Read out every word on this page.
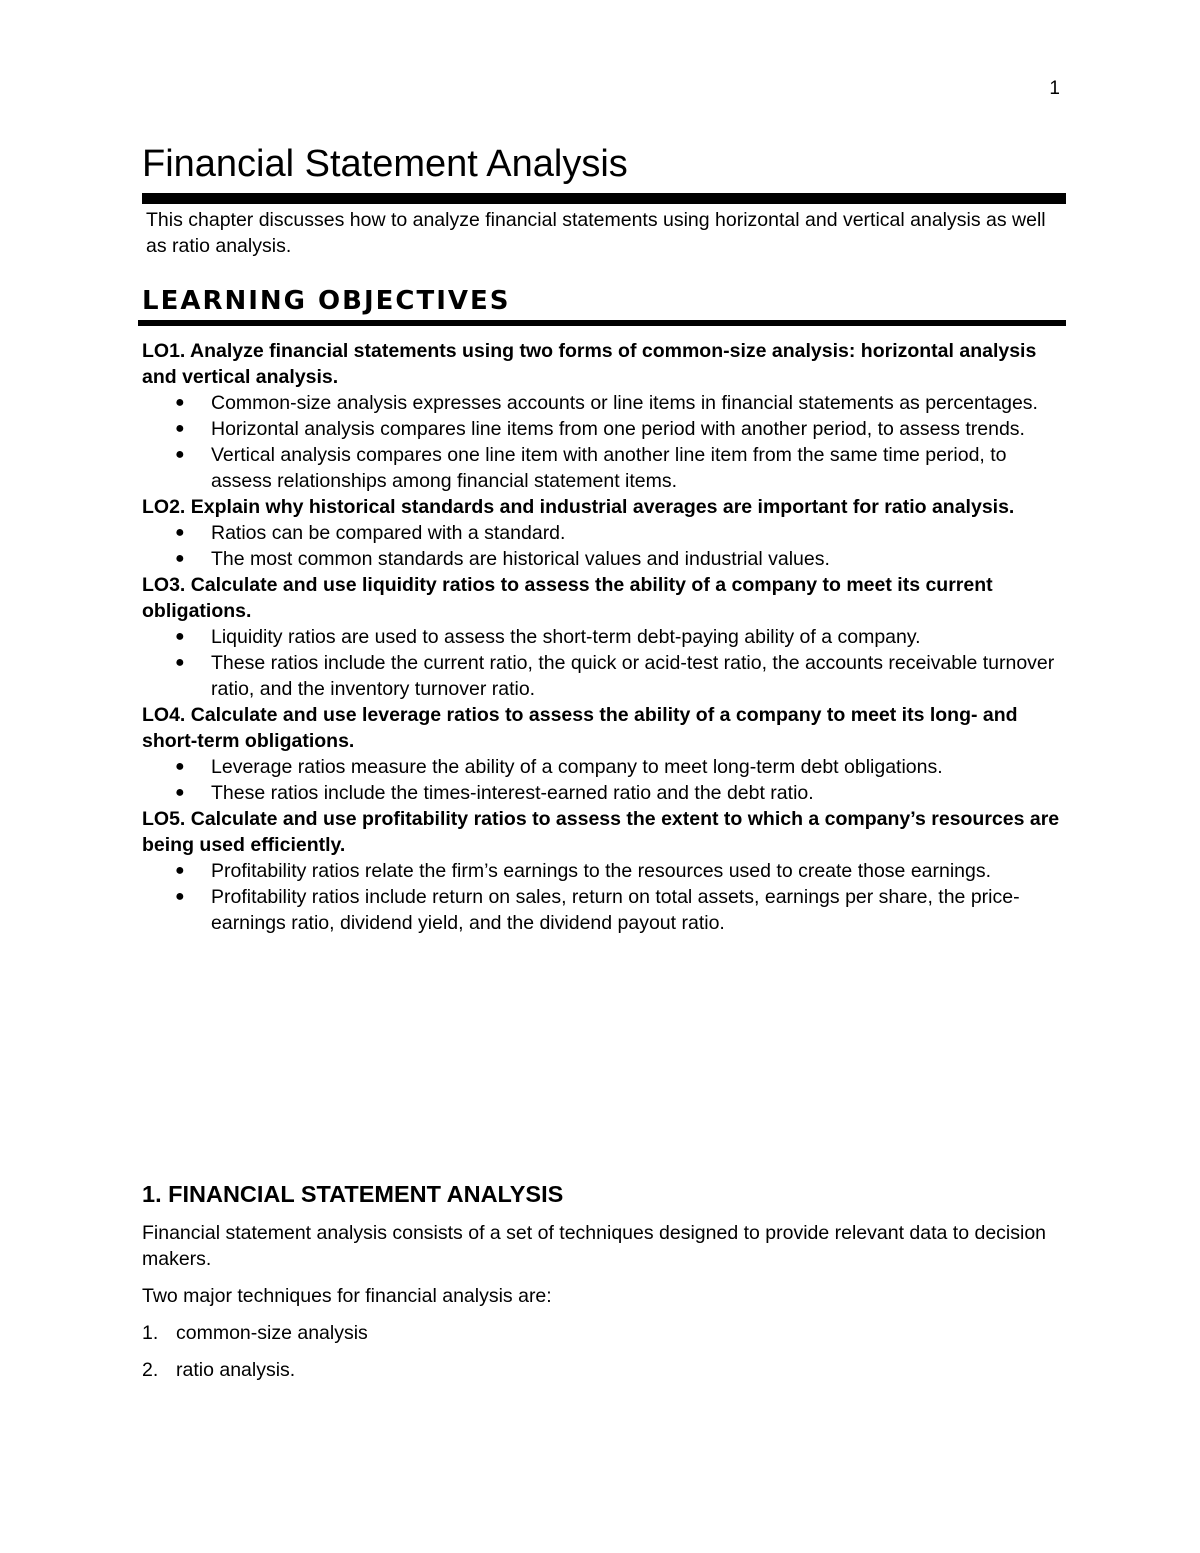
1
Financial Statement Analysis

This chapter discusses how to analyze financial statements using horizontal and vertical analysis as well as ratio analysis.

LEARNING OBJECTIVES

LO1. Analyze financial statements using two forms of common-size analysis: horizontal analysis and vertical analysis.

● Common-size analysis expresses accounts or line items in financial statements as percentages.
● Horizontal analysis compares line items from one period with another period, to assess trends.
● Vertical analysis compares one line item with another line item from the same time period, to assess relationships among financial statement items.

LO2. Explain why historical standards and industrial averages are important for ratio analysis.

● Ratios can be compared with a standard.
● The most common standards are historical values and industrial values.

LO3. Calculate and use liquidity ratios to assess the ability of a company to meet its current obligations.

● Liquidity ratios are used to assess the short-term debt-paying ability of a company.
● These ratios include the current ratio, the quick or acid-test ratio, the accounts receivable turnover ratio, and the inventory turnover ratio.

LO4. Calculate and use leverage ratios to assess the ability of a company to meet its long- and short-term obligations.

● Leverage ratios measure the ability of a company to meet long-term debt obligations.
● These ratios include the times-interest-earned ratio and the debt ratio.

LO5. Calculate and use profitability ratios to assess the extent to which a company’s resources are being used efficiently.

● Profitability ratios relate the firm’s earnings to the resources used to create those earnings.
● Profitability ratios include return on sales, return on total assets, earnings per share, the price-earnings ratio, dividend yield, and the dividend payout ratio.
1. FINANCIAL STATEMENT ANALYSIS

Financial statement analysis consists of a set of techniques designed to provide relevant data to decision makers.

Two major techniques for financial analysis are:

1. common-size analysis
2. ratio analysis.
